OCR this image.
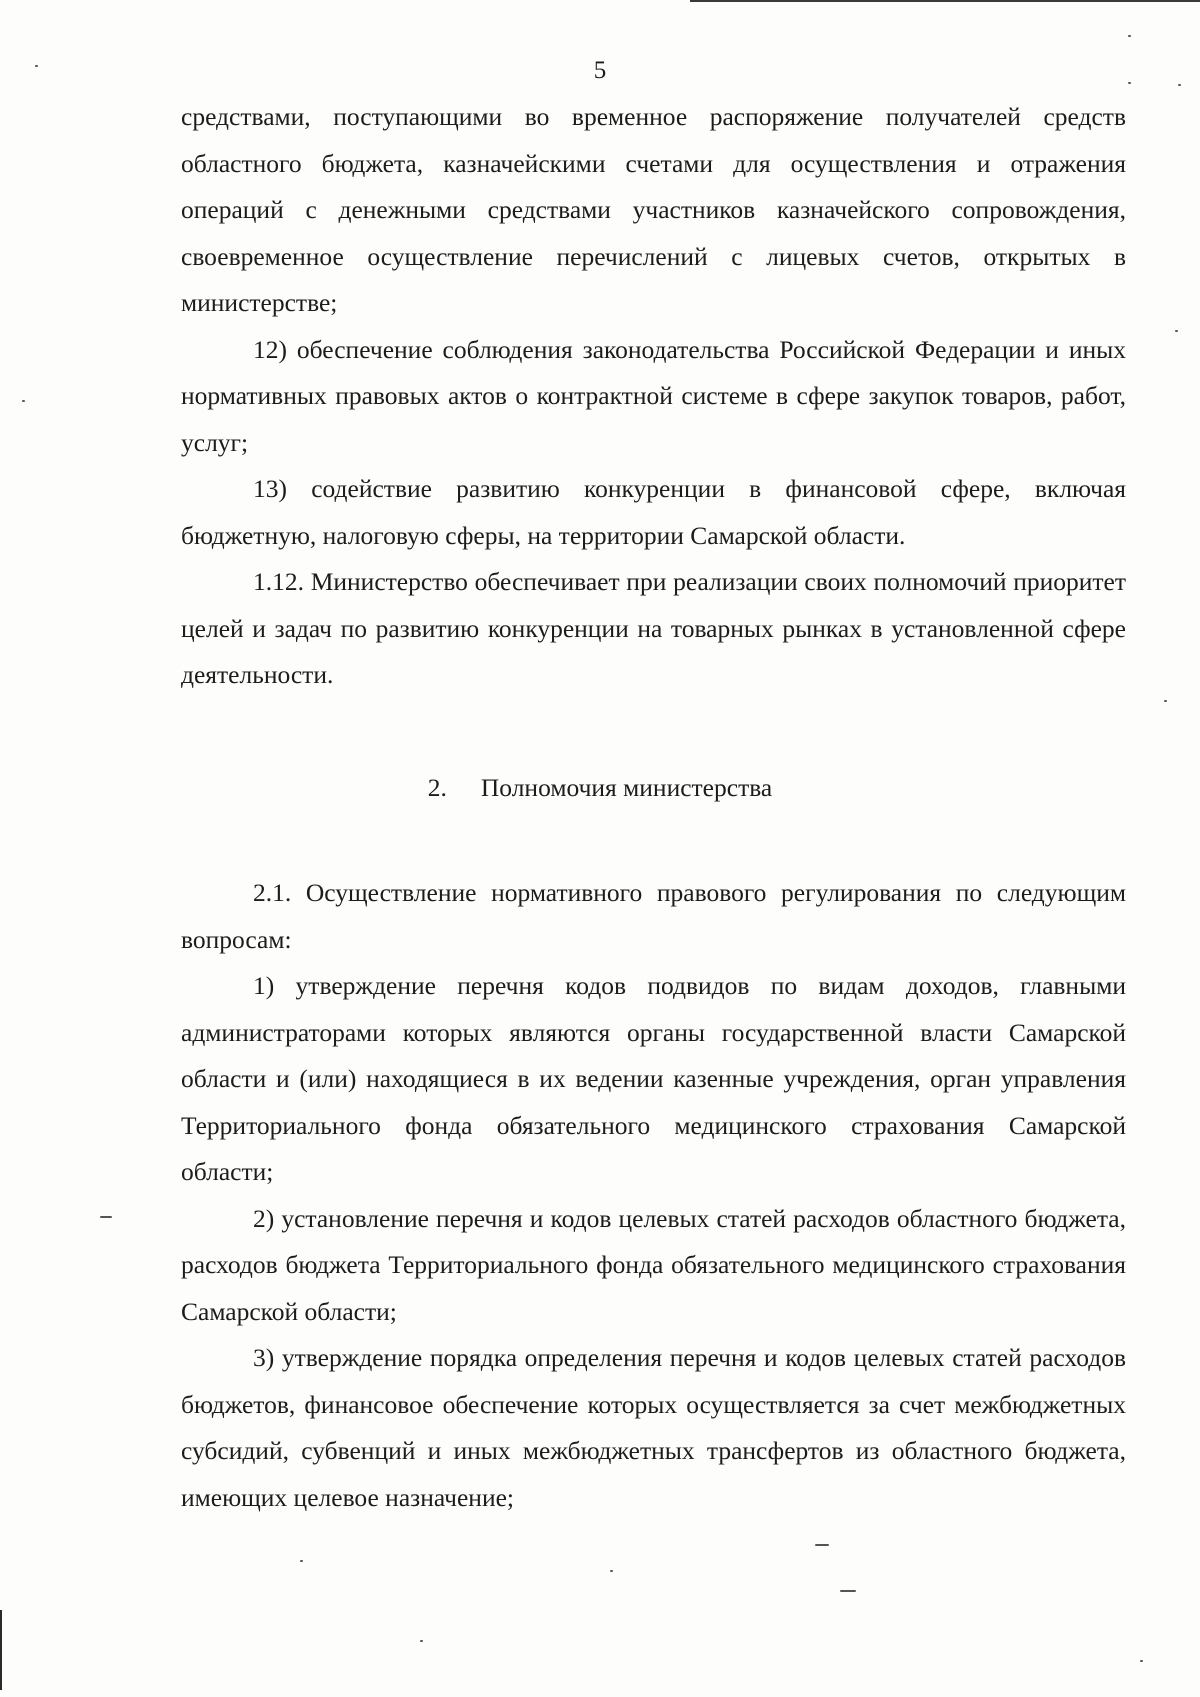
5

средствами, поступающими во временное распоряжение получателей средств областного бюджета, казначейскими счетами для осуществления и отражения операций с денежными средствами участников казначейского сопровождения, своевременное осуществление перечислений с лицевых счетов, открытых в министерстве;

12) обеспечение соблюдения законодательства Российской Федерации и иных нормативных правовых актов о контрактной системе в сфере закупок товаров, работ, услуг;

13) содействие развитию конкуренции в финансовой сфере, включая бюджетную, налоговую сферы, на территории Самарской области.

1.12. Министерство обеспечивает при реализации своих полномочий приоритет целей и задач по развитию конкуренции на товарных рынках в установленной сфере деятельности.

2. Полномочия министерства

2.1. Осуществление нормативного правового регулирования по следующим вопросам:

1) утверждение перечня кодов подвидов по видам доходов, главными администраторами которых являются органы государственной власти Самарской области и (или) находящиеся в их ведении казенные учреждения, орган управления Территориального фонда обязательного медицинского страхования Самарской области;

2) установление перечня и кодов целевых статей расходов областного бюджета, расходов бюджета Территориального фонда обязательного медицинского страхования Самарской области;

3) утверждение порядка определения перечня и кодов целевых статей расходов бюджетов, финансовое обеспечение которых осуществляется за счет межбюджетных субсидий, субвенций и иных межбюджетных трансфертов из областного бюджета, имеющих целевое назначение;
